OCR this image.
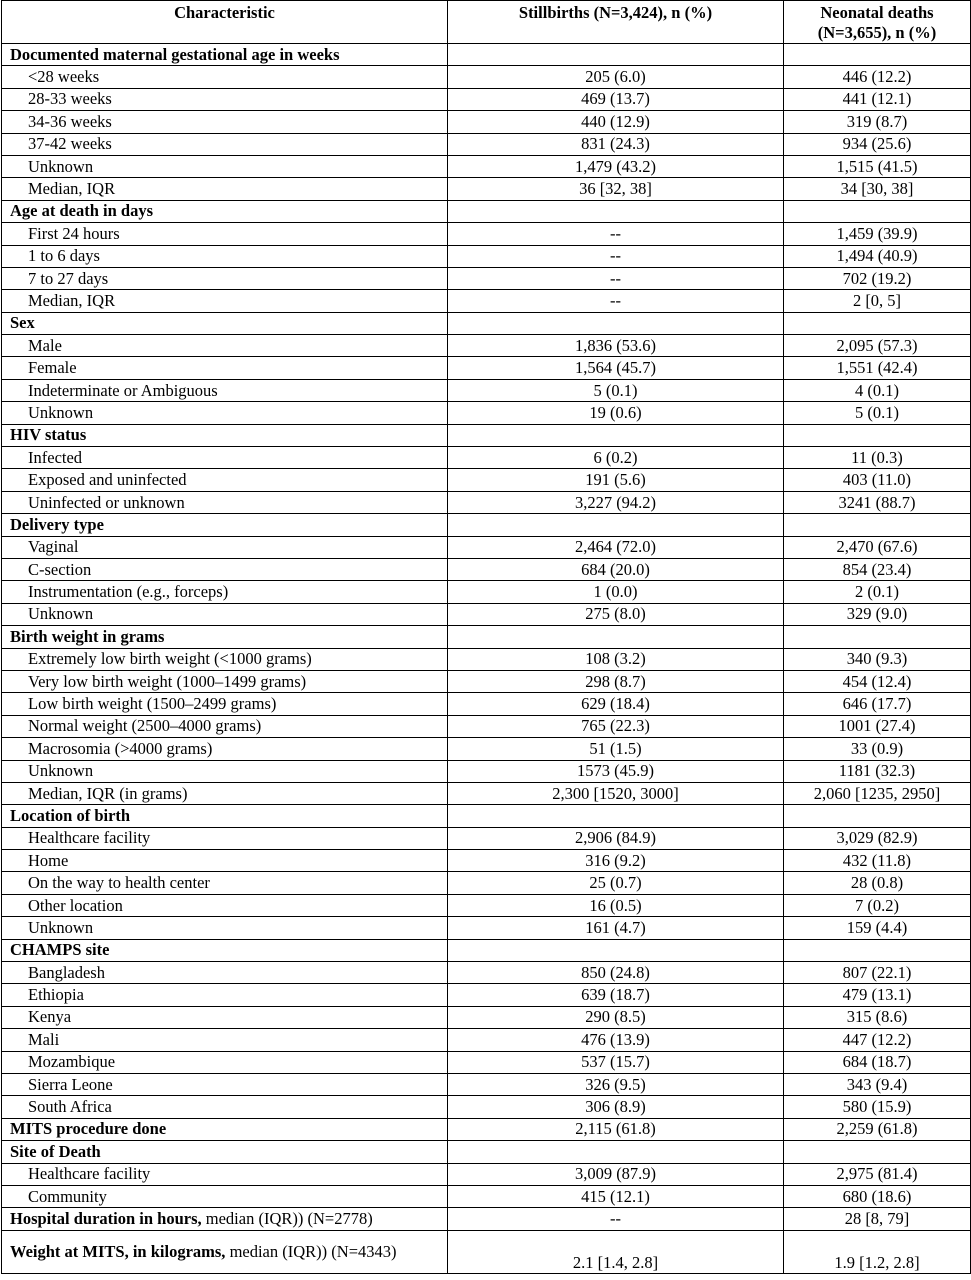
Characteristic	Stillbirths (N=3,424), n (%)	Neonatal deaths (N=3,655), n (%)
Documented maternal gestational age in weeks		
<28 weeks	205 (6.0)	446 (12.2)
28-33 weeks	469 (13.7)	441 (12.1)
34-36 weeks	440 (12.9)	319 (8.7)
37-42 weeks	831 (24.3)	934 (25.6)
Unknown	1,479 (43.2)	1,515 (41.5)
Median, IQR	36 [32, 38]	34 [30, 38]
Age at death in days		
First 24 hours	--	1,459 (39.9)
1 to 6 days	--	1,494 (40.9)
7 to 27 days	--	702 (19.2)
Median, IQR	--	2 [0, 5]
Sex		
Male	1,836 (53.6)	2,095 (57.3)
Female	1,564 (45.7)	1,551 (42.4)
Indeterminate or Ambiguous	5 (0.1)	4 (0.1)
Unknown	19 (0.6)	5 (0.1)
HIV status		
Infected	6 (0.2)	11 (0.3)
Exposed and uninfected	191 (5.6)	403 (11.0)
Uninfected or unknown	3,227 (94.2)	3241 (88.7)
Delivery type		
Vaginal	2,464 (72.0)	2,470 (67.6)
C-section	684 (20.0)	854 (23.4)
Instrumentation (e.g., forceps)	1 (0.0)	2 (0.1)
Unknown	275 (8.0)	329 (9.0)
Birth weight in grams		
Extremely low birth weight (<1000 grams)	108 (3.2)	340 (9.3)
Very low birth weight (1000–1499 grams)	298 (8.7)	454 (12.4)
Low birth weight (1500–2499 grams)	629 (18.4)	646 (17.7)
Normal weight (2500–4000 grams)	765 (22.3)	1001 (27.4)
Macrosomia (>4000 grams)	51 (1.5)	33 (0.9)
Unknown	1573 (45.9)	1181 (32.3)
Median, IQR (in grams)	2,300 [1520, 3000]	2,060 [1235, 2950]
Location of birth		
Healthcare facility	2,906 (84.9)	3,029 (82.9)
Home	316 (9.2)	432 (11.8)
On the way to health center	25 (0.7)	28 (0.8)
Other location	16 (0.5)	7 (0.2)
Unknown	161 (4.7)	159 (4.4)
CHAMPS site		
Bangladesh	850 (24.8)	807 (22.1)
Ethiopia	639 (18.7)	479 (13.1)
Kenya	290 (8.5)	315 (8.6)
Mali	476 (13.9)	447 (12.2)
Mozambique	537 (15.7)	684 (18.7)
Sierra Leone	326 (9.5)	343 (9.4)
South Africa	306 (8.9)	580 (15.9)
MITS procedure done	2,115 (61.8)	2,259 (61.8)
Site of Death		
Healthcare facility	3,009 (87.9)	2,975 (81.4)
Community	415 (12.1)	680 (18.6)
Hospital duration in hours, median (IQR)) (N=2778)	--	28 [8, 79]
Weight at MITS, in kilograms, median (IQR)) (N=4343)	2.1 [1.4, 2.8]	1.9 [1.2, 2.8]
